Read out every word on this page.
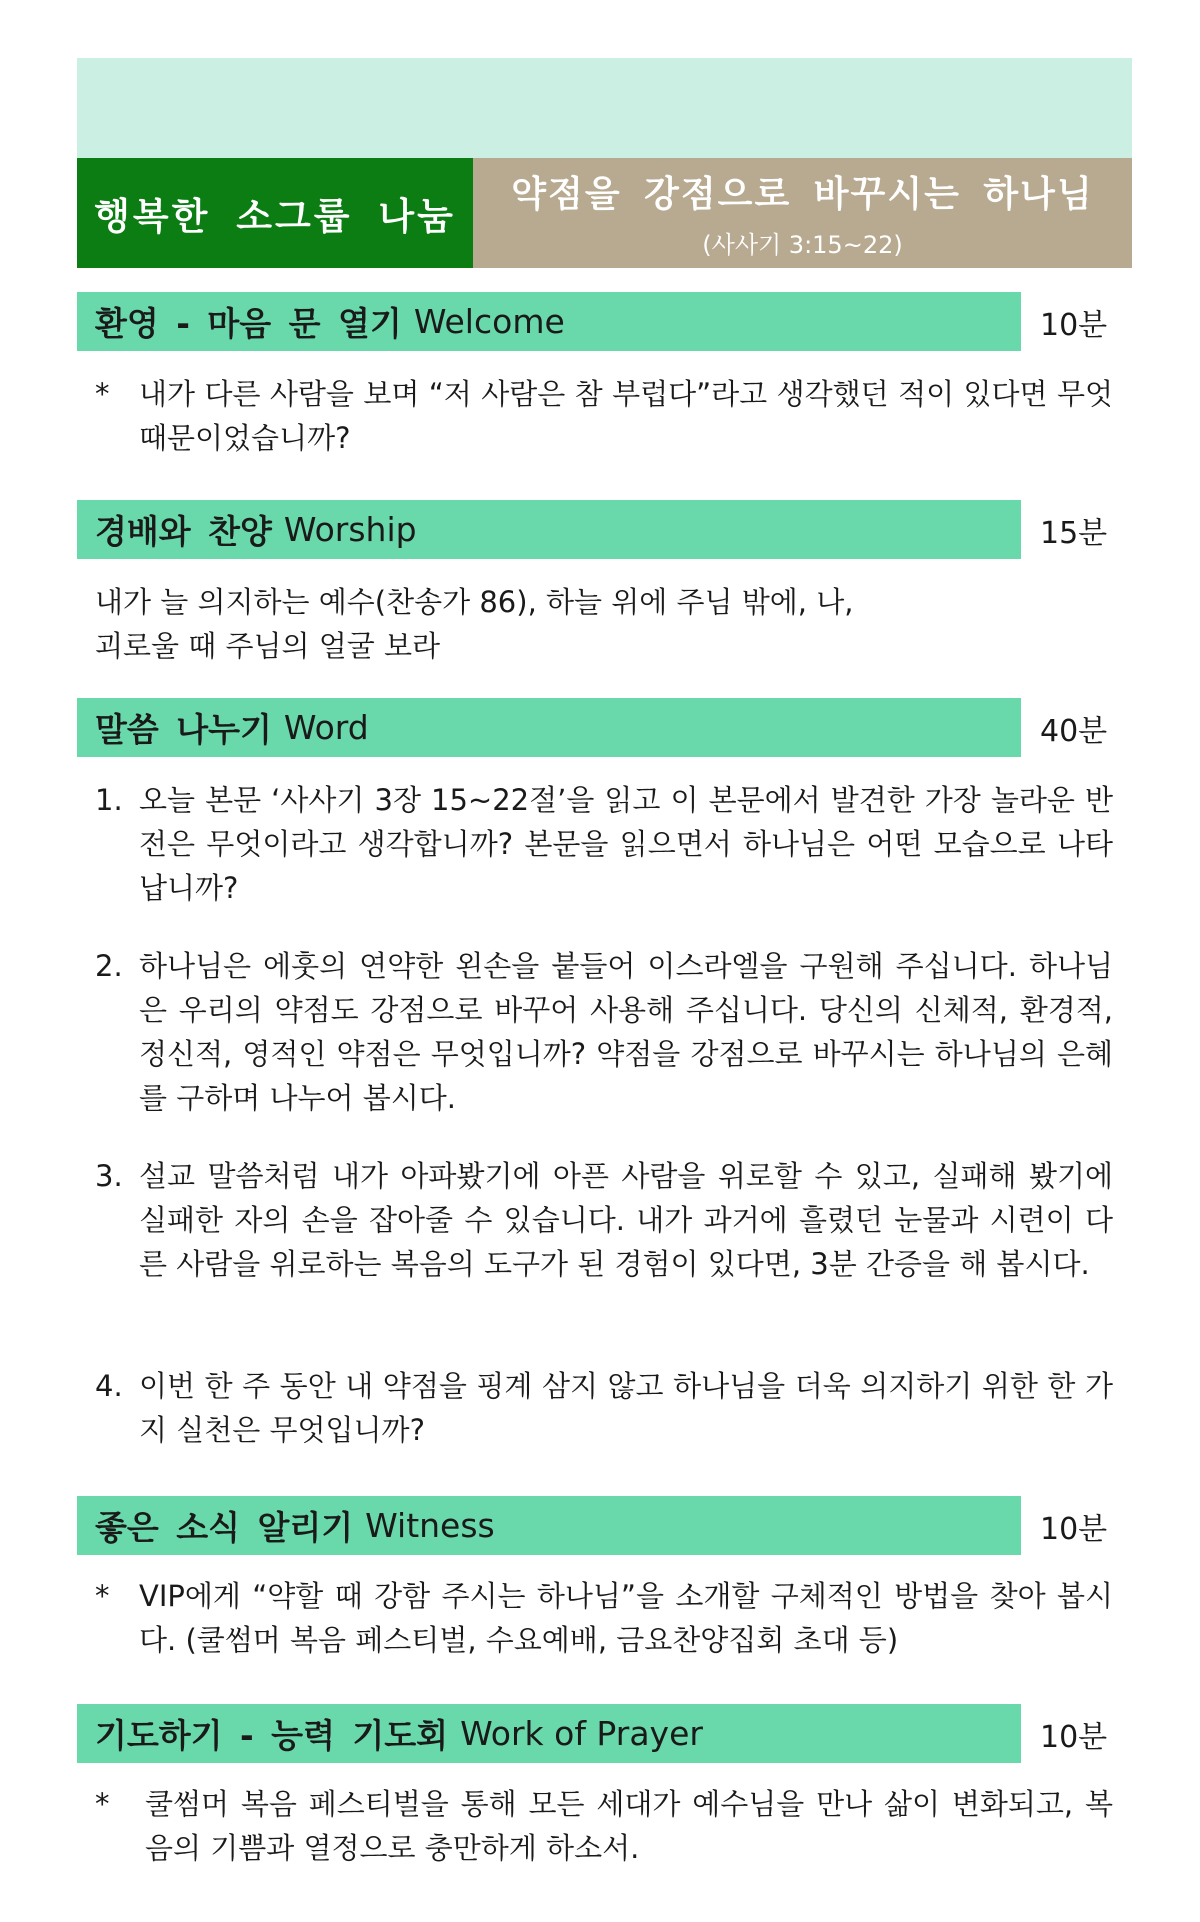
행복한 소그룹 나눔
약점을 강점으로 바꾸시는 하나님
(사사기 3:15~22)
환영 - 마음 문 열기 Welcome	10분
* 내가 다른 사람을 보며 “저 사람은 참 부럽다”라고 생각했던 적이 있다면 무엇 때문이었습니까?
경배와 찬양 Worship	15분
내가 늘 의지하는 예수(찬송가 86), 하늘 위에 주님 밖에, 나,
괴로울 때 주님의 얼굴 보라
말씀 나누기 Word	40분
1. 오늘 본문 ‘사사기 3장 15~22절’을 읽고 이 본문에서 발견한 가장 놀라운 반전은 무엇이라고 생각합니까? 본문을 읽으면서 하나님은 어떤 모습으로 나타납니까?
2. 하나님은 에훗의 연약한 왼손을 붙들어 이스라엘을 구원해 주십니다. 하나님은 우리의 약점도 강점으로 바꾸어 사용해 주십니다. 당신의 신체적, 환경적, 정신적, 영적인 약점은 무엇입니까? 약점을 강점으로 바꾸시는 하나님의 은혜를 구하며 나누어 봅시다.
3. 설교 말씀처럼 내가 아파봤기에 아픈 사람을 위로할 수 있고, 실패해 봤기에 실패한 자의 손을 잡아줄 수 있습니다. 내가 과거에 흘렸던 눈물과 시련이 다른 사람을 위로하는 복음의 도구가 된 경험이 있다면, 3분 간증을 해 봅시다.
4. 이번 한 주 동안 내 약점을 핑계 삼지 않고 하나님을 더욱 의지하기 위한 한 가지 실천은 무엇입니까?
좋은 소식 알리기 Witness	10분
* VIP에게 “약할 때 강함 주시는 하나님”을 소개할 구체적인 방법을 찾아 봅시다. (쿨썸머 복음 페스티벌, 수요예배, 금요찬양집회 초대 등)
기도하기 - 능력 기도회 Work of Prayer	10분
* 쿨썸머 복음 페스티벌을 통해 모든 세대가 예수님을 만나 삶이 변화되고, 복음의 기쁨과 열정으로 충만하게 하소서.
